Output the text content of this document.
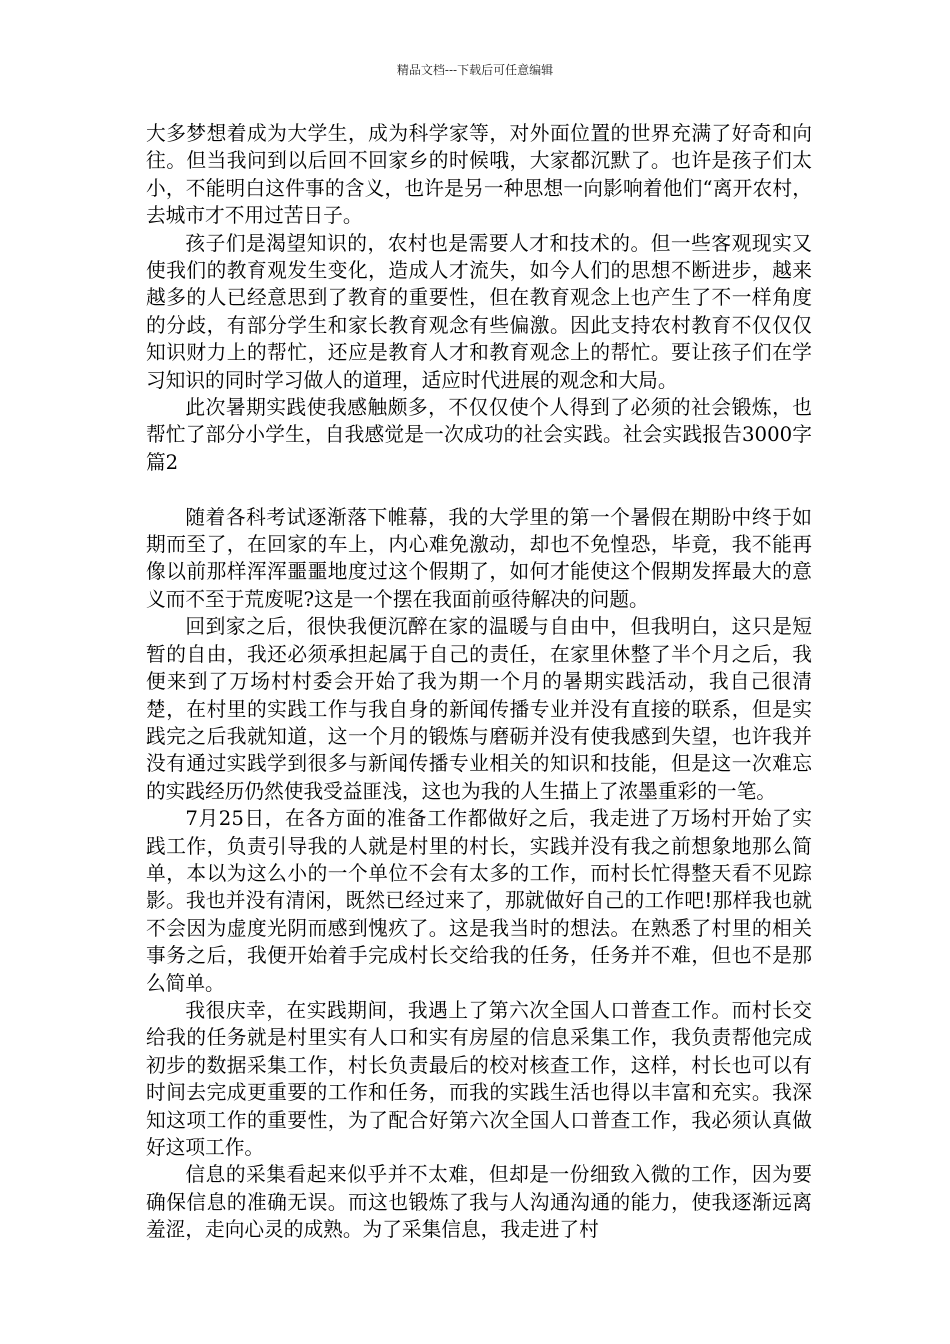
精品文档---下载后可任意编辑

大多梦想着成为大学生，成为科学家等，对外面位置的世界充满了好奇和向往。但当我问到以后回不回家乡的时候哦，大家都沉默了。也许是孩子们太小，不能明白这件事的含义，也许是另一种思想一向影响着他们“离开农村，去城市才不用过苦日子。

孩子们是渴望知识的，农村也是需要人才和技术的。但一些客观现实又使我们的教育观发生变化，造成人才流失，如今人们的思想不断进步，越来越多的人已经意思到了教育的重要性，但在教育观念上也产生了不一样角度的分歧，有部分学生和家长教育观念有些偏激。因此支持农村教育不仅仅仅知识财力上的帮忙，还应是教育人才和教育观念上的帮忙。要让孩子们在学习知识的同时学习做人的道理，适应时代进展的观念和大局。

此次暑期实践使我感触颇多，不仅仅使个人得到了必须的社会锻炼，也帮忙了部分小学生，自我感觉是一次成功的社会实践。社会实践报告3000字篇2

随着各科考试逐渐落下帷幕，我的大学里的第一个暑假在期盼中终于如期而至了，在回家的车上，内心难免激动，却也不免惶恐，毕竟，我不能再像以前那样浑浑噩噩地度过这个假期了，如何才能使这个假期发挥最大的意义而不至于荒废呢?这是一个摆在我面前亟待解决的问题。

回到家之后，很快我便沉醉在家的温暖与自由中，但我明白，这只是短暂的自由，我还必须承担起属于自己的责任，在家里休整了半个月之后，我便来到了万场村村委会开始了我为期一个月的暑期实践活动，我自己很清楚，在村里的实践工作与我自身的新闻传播专业并没有直接的联系，但是实践完之后我就知道，这一个月的锻炼与磨砺并没有使我感到失望，也许我并没有通过实践学到很多与新闻传播专业相关的知识和技能，但是这一次难忘的实践经历仍然使我受益匪浅，这也为我的人生描上了浓墨重彩的一笔。

7月25日，在各方面的准备工作都做好之后，我走进了万场村开始了实践工作，负责引导我的人就是村里的村长，实践并没有我之前想象地那么简单，本以为这么小的一个单位不会有太多的工作，而村长忙得整天看不见踪影。我也并没有清闲，既然已经过来了，那就做好自己的工作吧!那样我也就不会因为虚度光阴而感到愧疚了。这是我当时的想法。在熟悉了村里的相关事务之后，我便开始着手完成村长交给我的任务，任务并不难，但也不是那么简单。

我很庆幸，在实践期间，我遇上了第六次全国人口普查工作。而村长交给我的任务就是村里实有人口和实有房屋的信息采集工作，我负责帮他完成初步的数据采集工作，村长负责最后的校对核查工作，这样，村长也可以有时间去完成更重要的工作和任务，而我的实践生活也得以丰富和充实。我深知这项工作的重要性，为了配合好第六次全国人口普查工作，我必须认真做好这项工作。

信息的采集看起来似乎并不太难，但却是一份细致入微的工作，因为要确保信息的准确无误。而这也锻炼了我与人沟通沟通的能力，使我逐渐远离羞涩，走向心灵的成熟。为了采集信息，我走进了村
